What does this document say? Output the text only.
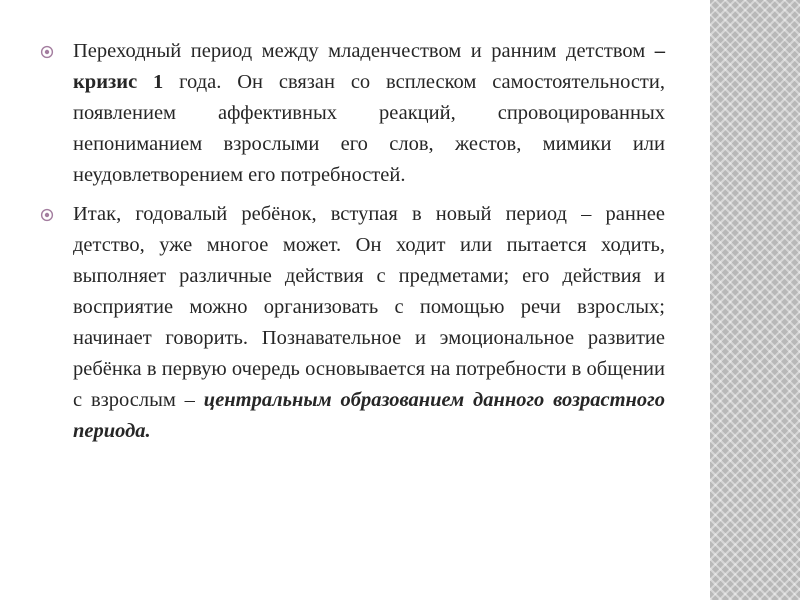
Переходный период между младенчеством и ранним детством – кризис 1 года. Он связан со всплеском самостоятельности, появлением аффективных реакций, спровоцированных непониманием взрослыми его слов, жестов, мимики или неудовлетворением его потребностей.
Итак, годовалый ребёнок, вступая в новый период – раннее детство, уже многое может. Он ходит или пытается ходить, выполняет различные действия с предметами; его действия и восприятие можно организовать с помощью речи взрослых; начинает говорить. Познавательное и эмоциональное развитие ребёнка в первую очередь основывается на потребности в общении с взрослым – центральным образованием данного возрастного периода.
